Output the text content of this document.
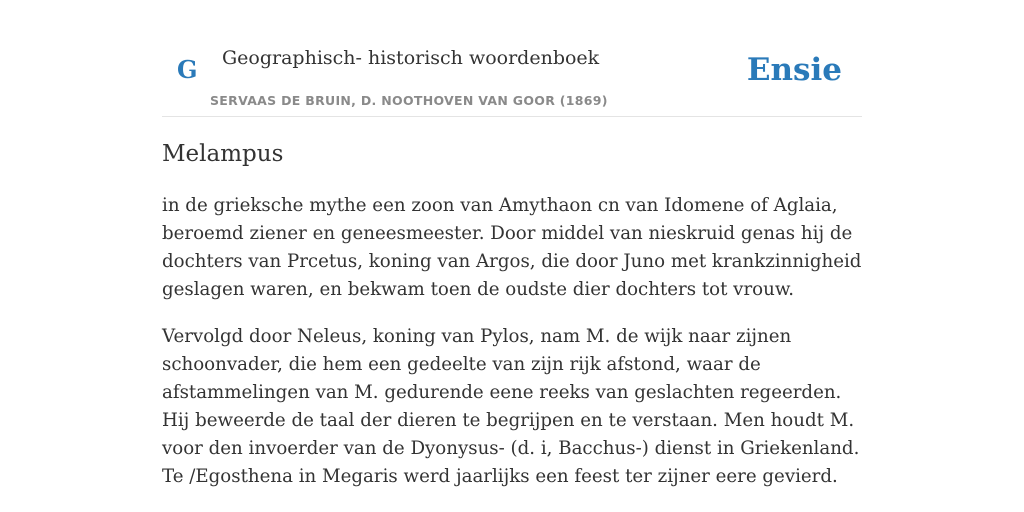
G Geographisch- historisch woordenboek
SERVAAS DE BRUIN, D. NOOTHOVEN VAN GOOR (1869)
Ensie
Melampus

in de grieksche mythe een zoon van Amythaon cn van Idomene of Aglaia, beroemd ziener en geneesmeester. Door middel van nieskruid genas hij de dochters van Prcetus, koning van Argos, die door Juno met krankzinnigheid geslagen waren, en bekwam toen de oudste dier dochters tot vrouw.

Vervolgd door Neleus, koning van Pylos, nam M. de wijk naar zijnen schoonvader, die hem een gedeelte van zijn rijk afstond, waar de afstammelingen van M. gedurende eene reeks van geslachten regeerden. Hij beweerde de taal der dieren te begrijpen en te verstaan. Men houdt M. voor den invoerder van de Dyonysus- (d. i, Bacchus-) dienst in Griekenland. Te /Egosthena in Megaris werd jaarlijks een feest ter zijner eere gevierd.
